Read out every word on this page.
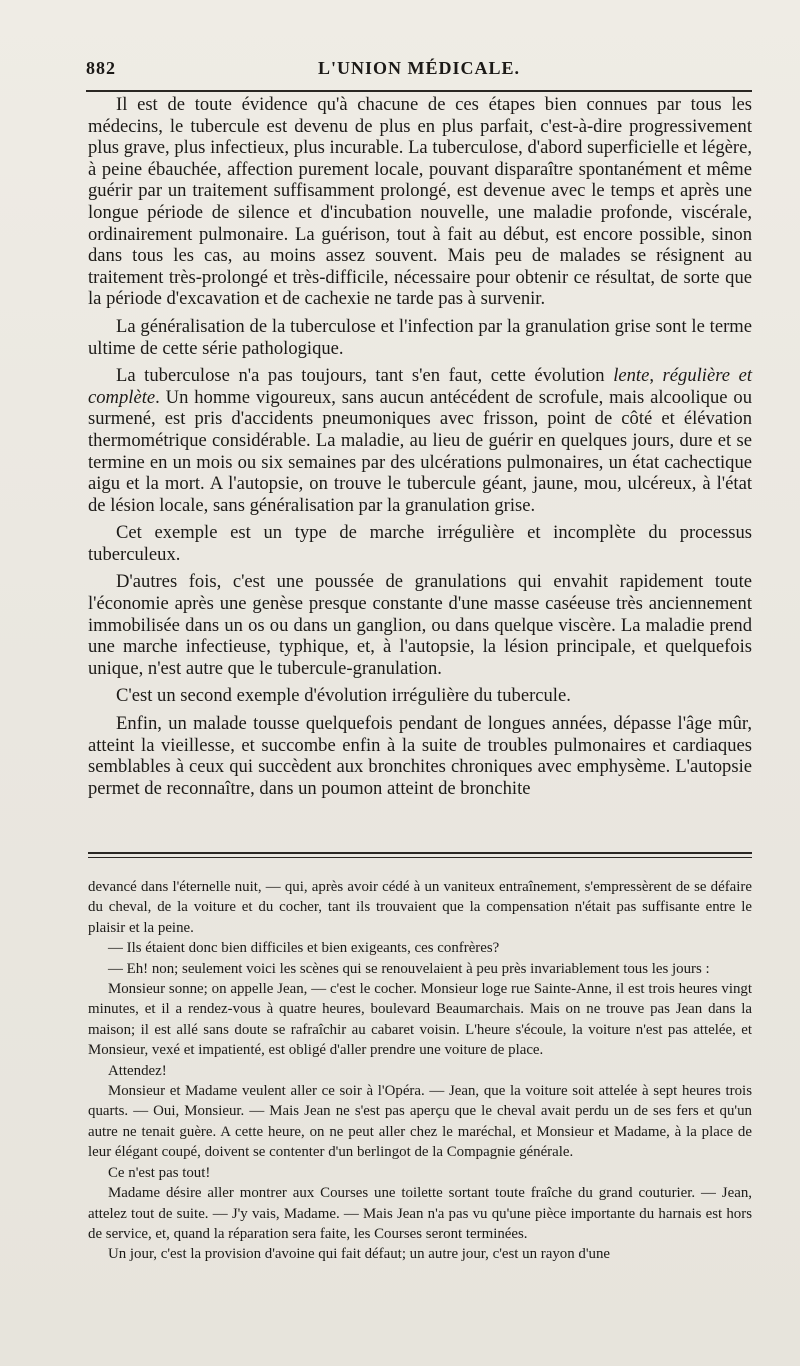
882	L'UNION MÉDICALE.

Il est de toute évidence qu'à chacune de ces étapes bien connues par tous les médecins, le tubercule est devenu de plus en plus parfait, c'est-à-dire progressivement plus grave, plus infectieux, plus incurable. La tuberculose, d'abord superficielle et légère, à peine ébauchée, affection purement locale, pouvant disparaître spontanément et même guérir par un traitement suffisamment prolongé, est devenue avec le temps et après une longue période de silence et d'incubation nouvelle, une maladie profonde, viscérale, ordinairement pulmonaire. La guérison, tout à fait au début, est encore possible, sinon dans tous les cas, au moins assez souvent. Mais peu de malades se résignent au traitement très-prolongé et très-difficile, nécessaire pour obtenir ce résultat, de sorte que la période d'excavation et de cachexie ne tarde pas à survenir.

La généralisation de la tuberculose et l'infection par la granulation grise sont le terme ultime de cette série pathologique.

La tuberculose n'a pas toujours, tant s'en faut, cette évolution lente, régulière et complète. Un homme vigoureux, sans aucun antécédent de scrofule, mais alcoolique ou surmené, est pris d'accidents pneumoniques avec frisson, point de côté et élévation thermométrique considérable. La maladie, au lieu de guérir en quelques jours, dure et se termine en un mois ou six semaines par des ulcérations pulmonaires, un état cachectique aigu et la mort. A l'autopsie, on trouve le tubercule géant, jaune, mou, ulcéreux, à l'état de lésion locale, sans généralisation par la granulation grise.

Cet exemple est un type de marche irrégulière et incomplète du processus tuberculeux.

D'autres fois, c'est une poussée de granulations qui envahit rapidement toute l'économie après une genèse presque constante d'une masse caséeuse très anciennement immobilisée dans un os ou dans un ganglion, ou dans quelque viscère. La maladie prend une marche infectieuse, typhique, et, à l'autopsie, la lésion principale, et quelquefois unique, n'est autre que le tubercule-granulation.

C'est un second exemple d'évolution irrégulière du tubercule.

Enfin, un malade tousse quelquefois pendant de longues années, dépasse l'âge mûr, atteint la vieillesse, et succombe enfin à la suite de troubles pulmonaires et cardiaques semblables à ceux qui succèdent aux bronchites chroniques avec emphysème. L'autopsie permet de reconnaître, dans un poumon atteint de bronchite

devancé dans l'éternelle nuit, — qui, après avoir cédé à un vaniteux entraînement, s'empressèrent de se défaire du cheval, de la voiture et du cocher, tant ils trouvaient que la compensation n'était pas suffisante entre le plaisir et la peine.

— Ils étaient donc bien difficiles et bien exigeants, ces confrères?

— Eh! non; seulement voici les scènes qui se renouvelaient à peu près invariablement tous les jours :

Monsieur sonne; on appelle Jean, — c'est le cocher. Monsieur loge rue Sainte-Anne, il est trois heures vingt minutes, et il a rendez-vous à quatre heures, boulevard Beaumarchais. Mais on ne trouve pas Jean dans la maison; il est allé sans doute se rafraîchir au cabaret voisin. L'heure s'écoule, la voiture n'est pas attelée, et Monsieur, vexé et impatienté, est obligé d'aller prendre une voiture de place.

Attendez!

Monsieur et Madame veulent aller ce soir à l'Opéra. — Jean, que la voiture soit attelée à sept heures trois quarts. — Oui, Monsieur. — Mais Jean ne s'est pas aperçu que le cheval avait perdu un de ses fers et qu'un autre ne tenait guère. A cette heure, on ne peut aller chez le maréchal, et Monsieur et Madame, à la place de leur élégant coupé, doivent se contenter d'un berlingot de la Compagnie générale.

Ce n'est pas tout!

Madame désire aller montrer aux Courses une toilette sortant toute fraîche du grand couturier. — Jean, attelez tout de suite. — J'y vais, Madame. — Mais Jean n'a pas vu qu'une pièce importante du harnais est hors de service, et, quand la réparation sera faite, les Courses seront terminées.

Un jour, c'est la provision d'avoine qui fait défaut; un autre jour, c'est un rayon d'une
